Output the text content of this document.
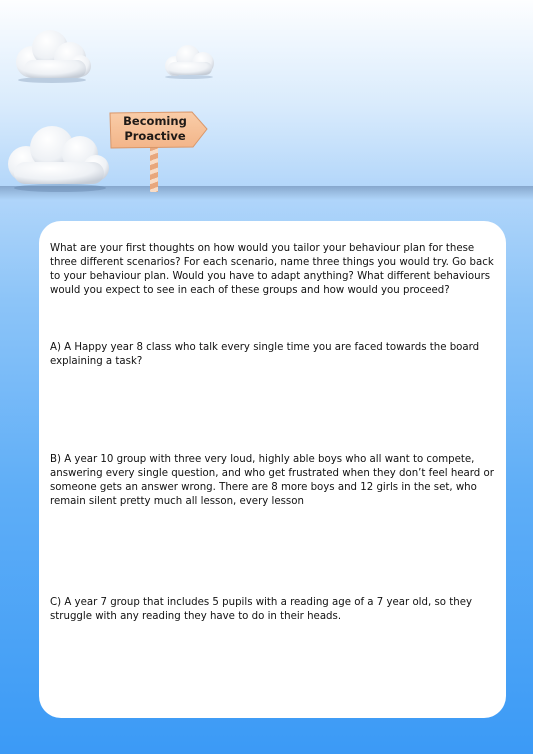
Becoming
Proactive

What are your first thoughts on how would you tailor your behaviour plan for these three different scenarios? For each scenario, name three things you would try. Go back to your behaviour plan. Would you have to adapt anything? What different behaviours would you expect to see in each of these groups and how would you proceed?

A) A Happy year 8 class who talk every single time you are faced towards the board explaining a task?

B) A year 10 group with three very loud, highly able boys who all want to compete, answering every single question, and who get frustrated when they don’t feel heard or someone gets an answer wrong. There are 8 more boys and 12 girls in the set, who remain silent pretty much all lesson, every lesson

C) A year 7 group that includes 5 pupils with a reading age of a 7 year old, so they struggle with any reading they have to do in their heads.
